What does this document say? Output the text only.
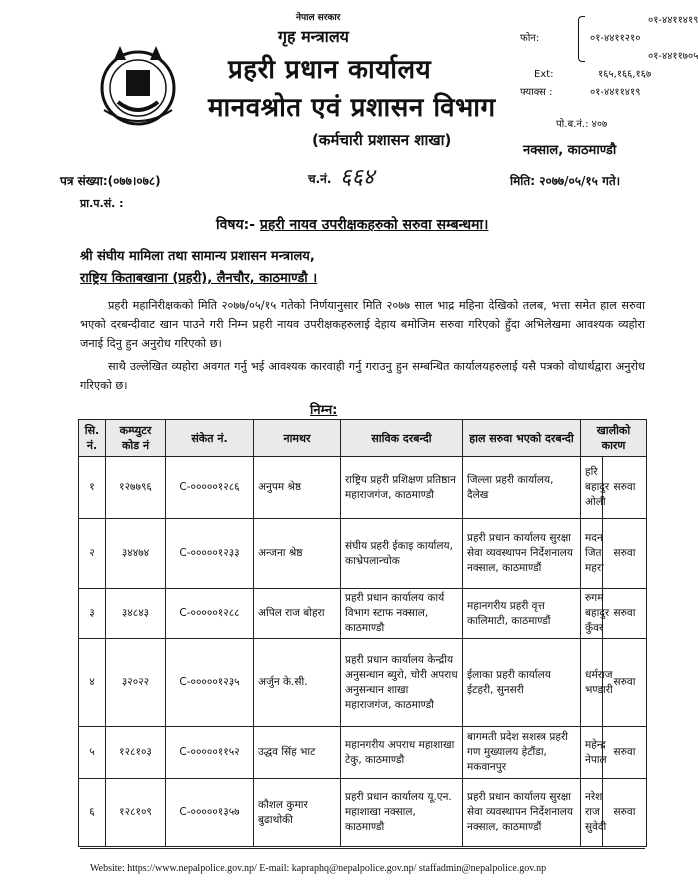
नेपाल सरकार
गृह मन्त्रालय
प्रहरी प्रधान कार्यालय
मानवश्रोत एवं प्रशासन विभाग
(कर्मचारी प्रशासन शाखा)
०१-४४११४१९
फोन:	०१-४४११२१०
०१-४४११७०५
Ext:	१६५,१६६,१६७
फ्याक्स :	०१-४४११४१९
पो.ब.नं.: ४०७
नक्साल, काठमाण्डौ
पत्र संख्या:(०७७।०७८)	च.नं. ६६४	मिति: २०७७/०५/१५ गते।
प्रा.प.सं. :
विषय:- प्रहरी नायव उपरीक्षकहरुको सरुवा सम्बन्धमा।
श्री संघीय मामिला तथा सामान्य प्रशासन मन्त्रालय,
राष्ट्रिय किताबखाना (प्रहरी), लैनचौर, काठमाण्डौ ।
प्रहरी महानिरीक्षकको मिति २०७७/०५/१५ गतेको निर्णयानुसार मिति २०७७ साल भाद्र महिना देखिको तलब, भत्ता समेत हाल सरुवा भएको दरबन्दीवाट खान पाउने गरी निम्न प्रहरी नायव उपरीक्षकहरुलाई देहाय बमोजिम सरुवा गरिएको हुँदा अभिलेखमा आवश्यक व्यहोरा जनाई दिनु हुन अनुरोध गरिएको छ।
साथै उल्लेखित व्यहोरा अवगत गर्नु भई आवश्यक कारवाही गर्नु गराउनु हुन सम्बन्धित कार्यालयहरुलाई यसै पत्रको वोधार्थद्वारा अनुरोध गरिएको छ।
निम्न:
सि. नं.	कम्प्युटर कोड नं	संकेत नं.	नामथर	साविक दरबन्दी	हाल सरुवा भएको दरबन्दी	खालीको कारण	
१	१२७७९६	C-०००००१२८६	अनुपम श्रेष्ठ	राष्ट्रिय प्रहरी प्रशिक्षण प्रतिष्ठान महाराजगंज, काठमाण्डौ	जिल्ला प्रहरी कार्यालय, दैलेख	हरि बहादुर ओली	सरुवा
२	३४४७४	C-०००००१२३३	अन्जना श्रेष्ठ	संघीय प्रहरी ईकाइ कार्यालय, काभ्रेपलान्चोक	प्रहरी प्रधान कार्यालय सुरक्षा सेवा व्यवस्थापन निर्देशनालय नक्साल, काठमाण्डौं	मदन जित महरा	सरुवा
३	३४८४३	C-०००००१२८८	अपिल राज बोहरा	प्रहरी प्रधान कार्यालय कार्य विभाग स्टाफ नक्साल, काठमाण्डौ	महानगरीय प्रहरी वृत्त कालिमाटी, काठमाण्डौं	रुगम बहादुर कुँवर	सरुवा
४	३२०२२	C-०००००१२३५	अर्जुन के.सी.	प्रहरी प्रधान कार्यालय केन्द्रीय अनुसन्धान ब्युरो, चोरी अपराध अनुसन्धान शाखा महाराजगंज, काठमाण्डौ	ईलाका प्रहरी कार्यालय ईटहरी, सुनसरी	धर्मराज भण्डारी	सरुवा
५	१२८१०३	C-०००००११५२	उद्धव सिंह भाट	महानगरीय अपराध महाशाखा टेकु, काठमाण्डौ	बागमती प्रदेश सशस्त्र प्रहरी गण मुख्यालय हेटौंडा, मकवानपुर	महेन्द्र नेपाल	सरुवा
६	१२८१०९	C-०००००१३५७	कौशल कुमार बुढाथोकी	प्रहरी प्रधान कार्यालय यू.एन. महाशाखा नक्साल, काठमाण्डौ	प्रहरी प्रधान कार्यालय सुरक्षा सेवा व्यवस्थापन निर्देशनालय नक्साल, काठमाण्डौं	नरेश राज सुवेदी	सरुवा
Website: https://www.nepalpolice.gov.np/ E-mail: kapraphq@nepalpolice.gov.np/ staffadmin@nepalpolice.gov.np
